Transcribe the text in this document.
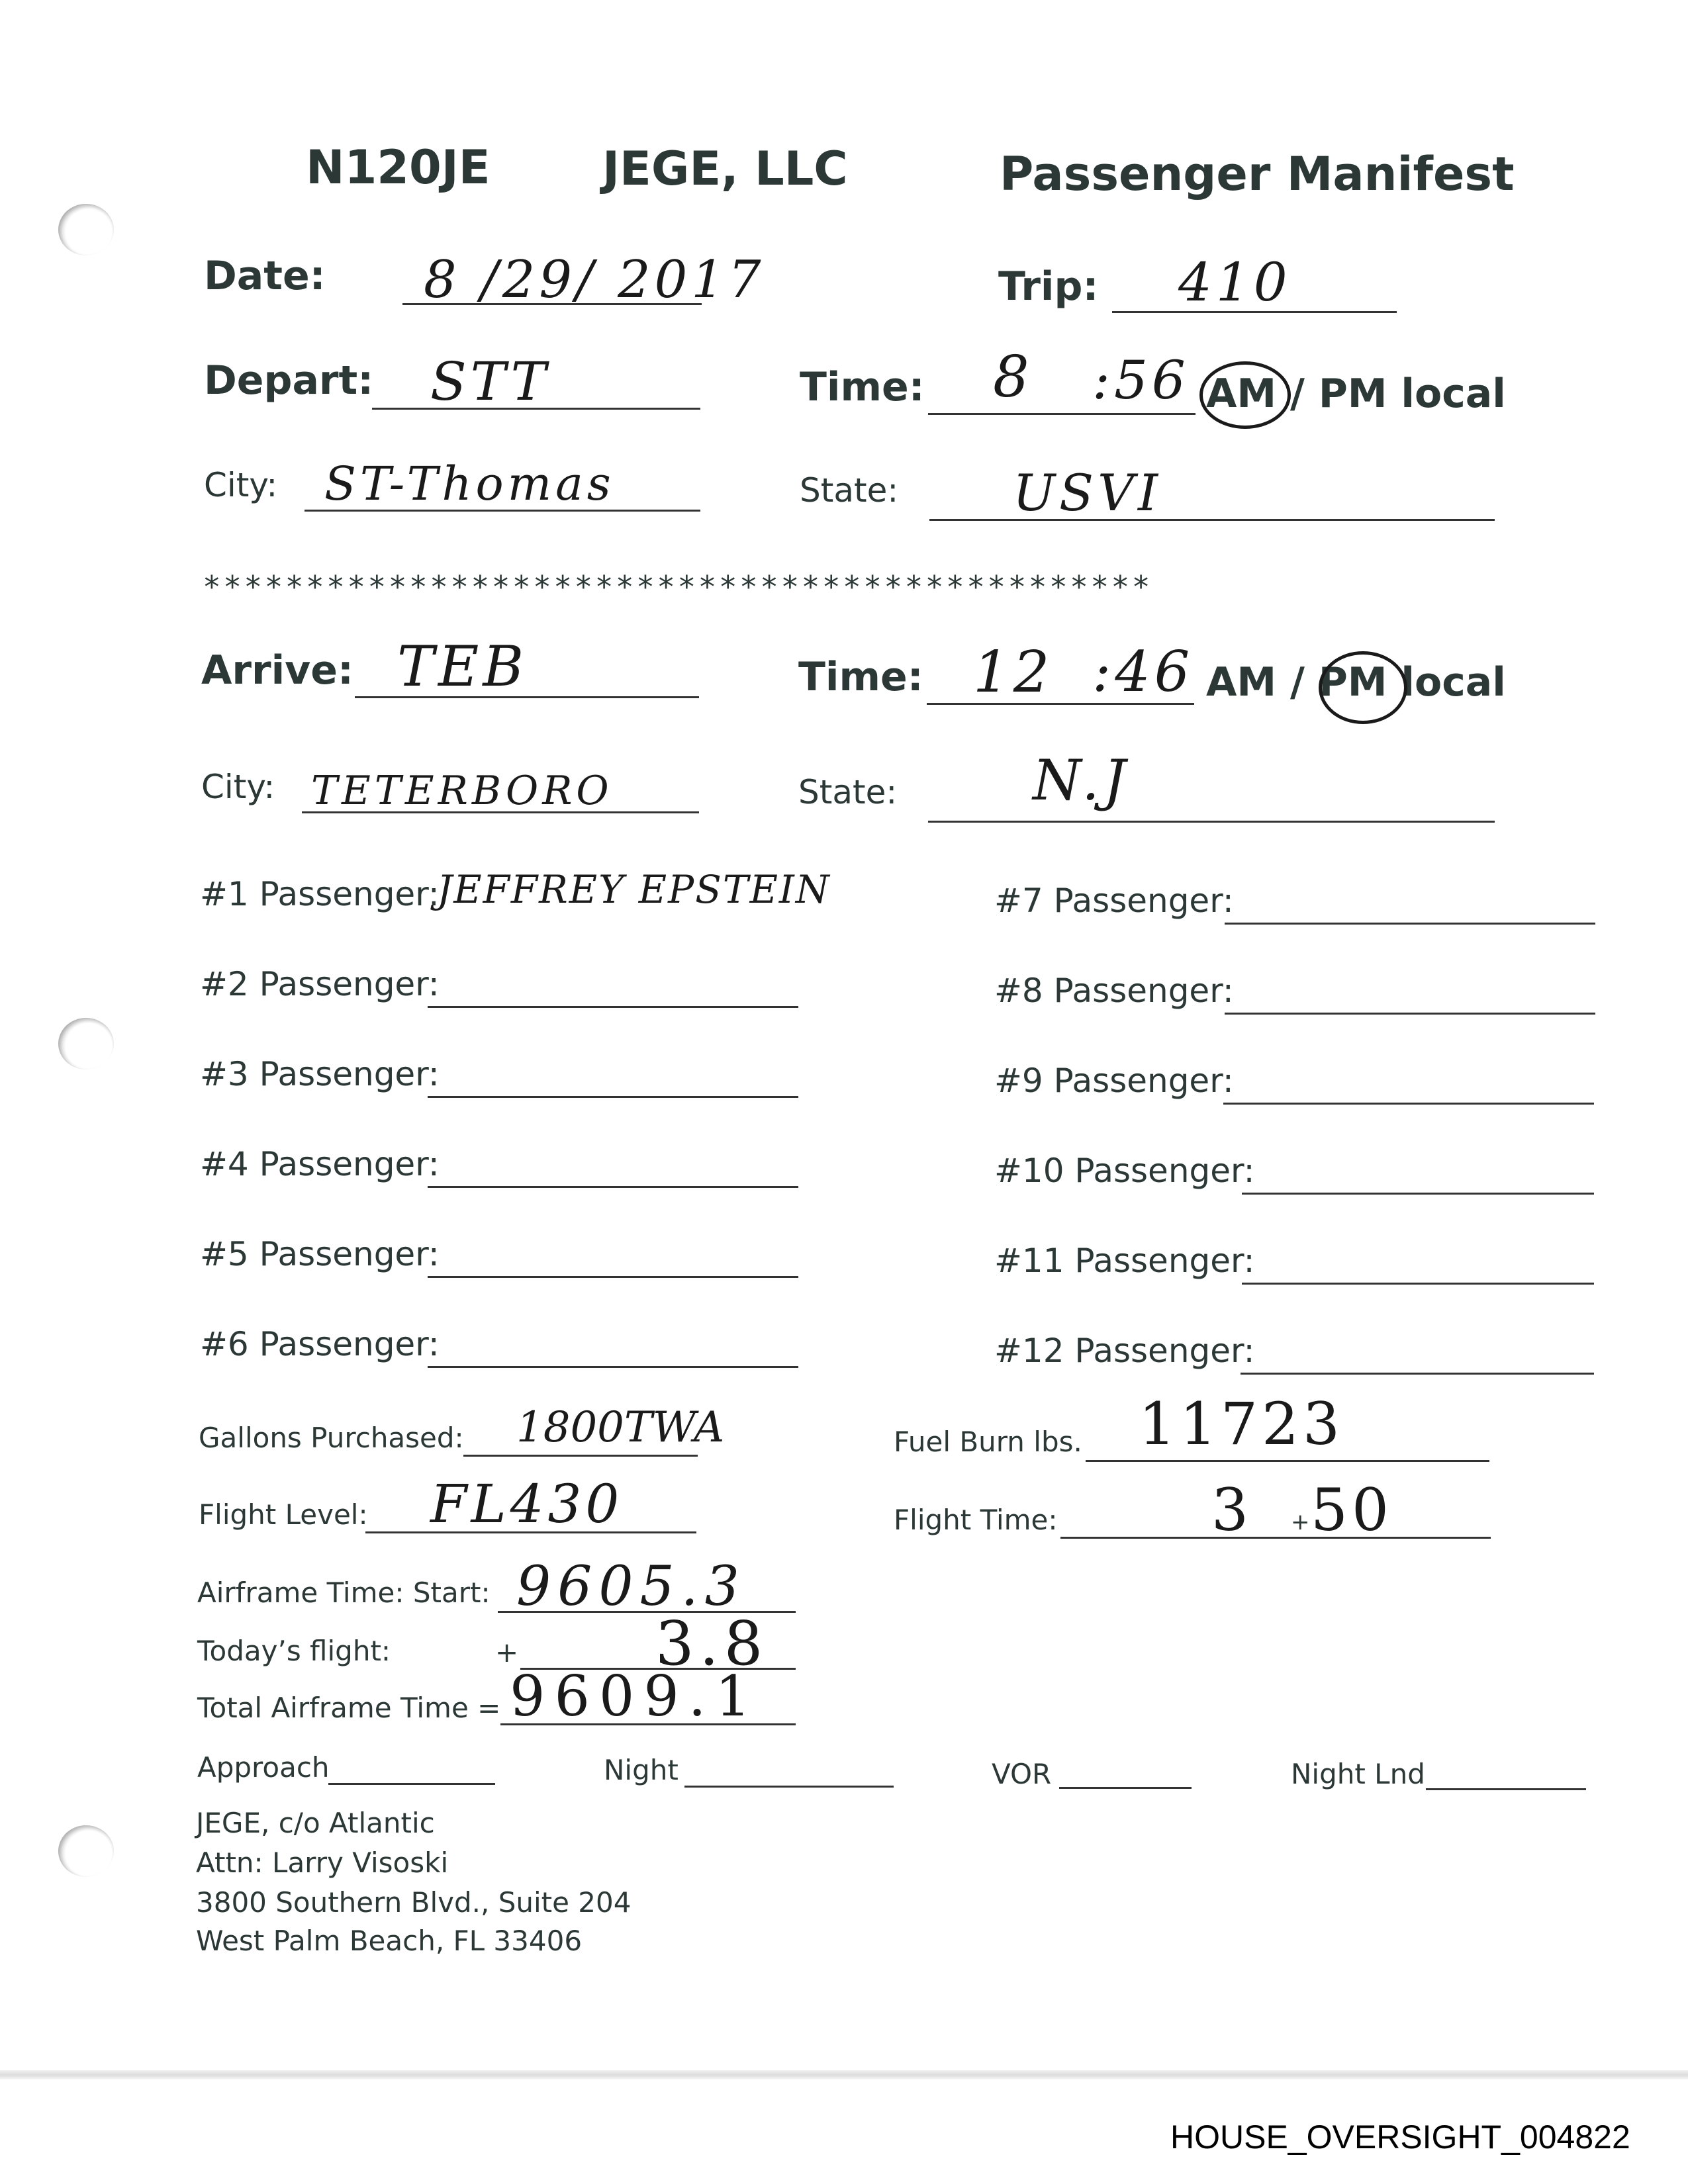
N120JE JEGE, LLC	Passenger Manifest
Date: 8 /29/ 2017	Trip: 410
Depart: STT	Time: 8 :56 AM / PM local
City: ST-Thomas	State: USVI
**********************************************
Arrive: TEB	Time: 12 :46 AM / PM local
City: TETERBORO	State: N.J
#1 Passenger:
JEFFREY EPSTEIN
#2 Passenger:
#3 Passenger:
#4 Passenger:
#5 Passenger:
#6 Passenger:
#7 Passenger:
#8 Passenger:
#9 Passenger:
#10 Passenger:
#11 Passenger:
#12 Passenger:
Gallons Purchased: 1800TWA	Fuel Burn lbs. 11723
Flight Level: FL430	Flight Time:	3 + 50
Airframe Time: Start: 9605.3
Today’s flight:	+ 3.8
Total Airframe Time = 9609.1
Approach	Night	VOR	Night Lnd
JEGE, c/o Atlantic
Attn: Larry Visoski
3800 Southern Blvd., Suite 204
West Palm Beach, FL 33406
HOUSE_OVERSIGHT_004822
